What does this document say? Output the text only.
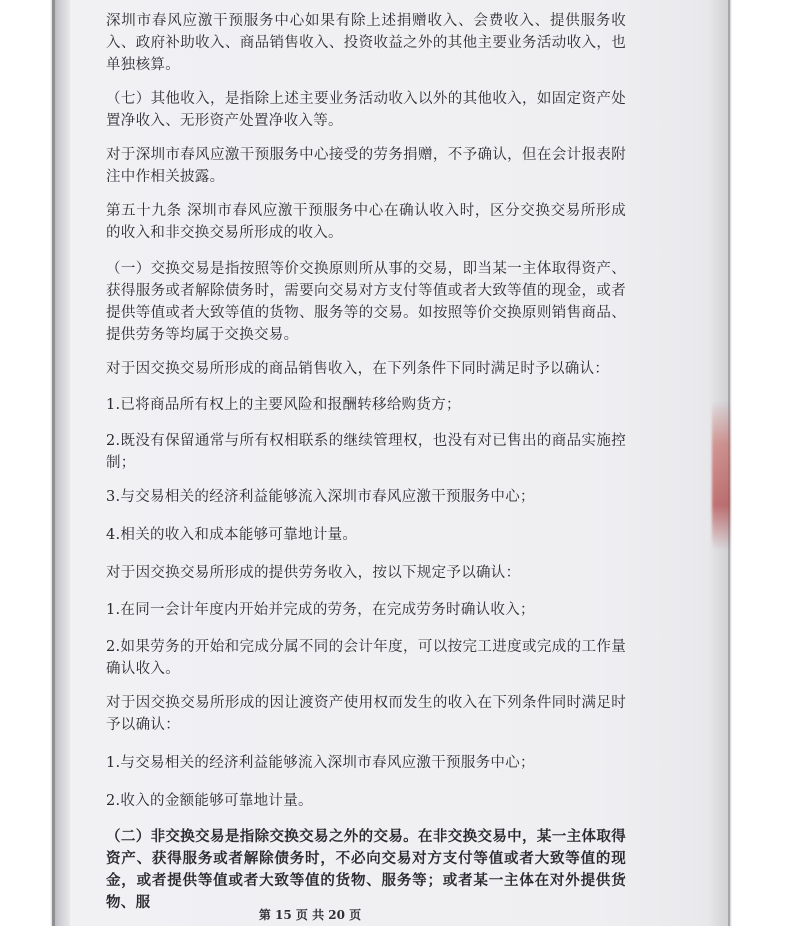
深圳市春风应激干预服务中心如果有除上述捐赠收入、会费收入、提供服务收入、政府补助收入、商品销售收入、投资收益之外的其他主要业务活动收入，也单独核算。

（七）其他收入，是指除上述主要业务活动收入以外的其他收入，如固定资产处置净收入、无形资产处置净收入等。

对于深圳市春风应激干预服务中心接受的劳务捐赠，不予确认，但在会计报表附注中作相关披露。

第五十九条 深圳市春风应激干预服务中心在确认收入时，区分交换交易所形成的收入和非交换交易所形成的收入。

（一）交换交易是指按照等价交换原则所从事的交易，即当某一主体取得资产、获得服务或者解除债务时，需要向交易对方支付等值或者大致等值的现金，或者提供等值或者大致等值的货物、服务等的交易。如按照等价交换原则销售商品、提供劳务等均属于交换交易。

对于因交换交易所形成的商品销售收入，在下列条件下同时满足时予以确认：

1.已将商品所有权上的主要风险和报酬转移给购货方；

2.既没有保留通常与所有权相联系的继续管理权，也没有对已售出的商品实施控制；

3.与交易相关的经济利益能够流入深圳市春风应激干预服务中心；

4.相关的收入和成本能够可靠地计量。

对于因交换交易所形成的提供劳务收入，按以下规定予以确认：

1.在同一会计年度内开始并完成的劳务，在完成劳务时确认收入；

2.如果劳务的开始和完成分属不同的会计年度，可以按完工进度或完成的工作量确认收入。

对于因交换交易所形成的因让渡资产使用权而发生的收入在下列条件同时满足时予以确认：

1.与交易相关的经济利益能够流入深圳市春风应激干预服务中心；

2.收入的金额能够可靠地计量。

（二）非交换交易是指除交换交易之外的交易。在非交换交易中，某一主体取得资产、获得服务或者解除债务时，不必向交易对方支付等值或者大致等值的现金，或者提供等值或者大致等值的货物、服务等；或者某一主体在对外提供货物、服

第 15 页 共 20 页
